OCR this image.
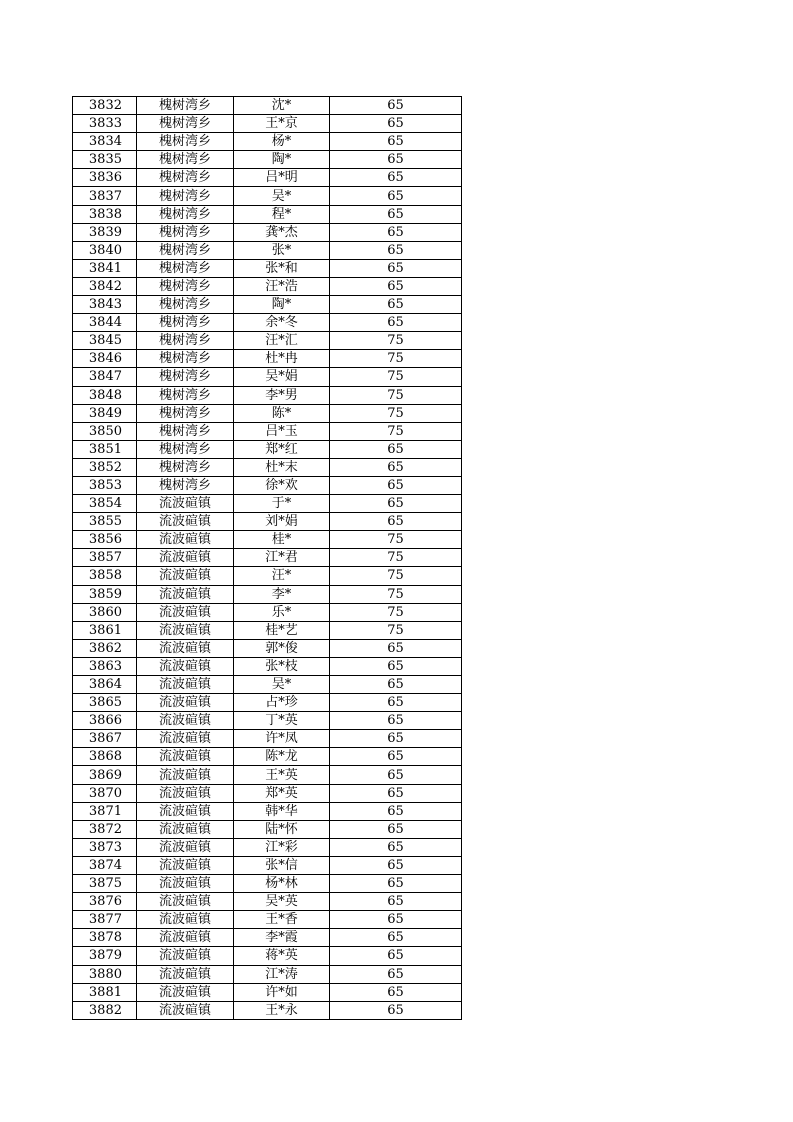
3832	槐树湾乡	沈*	65
3833	槐树湾乡	王*京	65
3834	槐树湾乡	杨*	65
3835	槐树湾乡	陶*	65
3836	槐树湾乡	吕*明	65
3837	槐树湾乡	吴*	65
3838	槐树湾乡	程*	65
3839	槐树湾乡	龚*杰	65
3840	槐树湾乡	张*	65
3841	槐树湾乡	张*和	65
3842	槐树湾乡	汪*浩	65
3843	槐树湾乡	陶*	65
3844	槐树湾乡	余*冬	65
3845	槐树湾乡	汪*汇	75
3846	槐树湾乡	杜*冉	75
3847	槐树湾乡	吴*娟	75
3848	槐树湾乡	李*男	75
3849	槐树湾乡	陈*	75
3850	槐树湾乡	吕*玉	75
3851	槐树湾乡	郑*红	65
3852	槐树湾乡	杜*末	65
3853	槐树湾乡	徐*欢	65
3854	流波碹镇	于*	65
3855	流波碹镇	刘*娟	65
3856	流波碹镇	桂*	75
3857	流波碹镇	江*君	75
3858	流波碹镇	汪*	75
3859	流波碹镇	李*	75
3860	流波碹镇	乐*	75
3861	流波碹镇	桂*艺	75
3862	流波碹镇	郭*俊	65
3863	流波碹镇	张*枝	65
3864	流波碹镇	吴*	65
3865	流波碹镇	占*珍	65
3866	流波碹镇	丁*英	65
3867	流波碹镇	许*凤	65
3868	流波碹镇	陈*龙	65
3869	流波碹镇	王*英	65
3870	流波碹镇	郑*英	65
3871	流波碹镇	韩*华	65
3872	流波碹镇	陆*怀	65
3873	流波碹镇	江*彩	65
3874	流波碹镇	张*信	65
3875	流波碹镇	杨*林	65
3876	流波碹镇	吴*英	65
3877	流波碹镇	王*香	65
3878	流波碹镇	李*霞	65
3879	流波碹镇	蒋*英	65
3880	流波碹镇	江*涛	65
3881	流波碹镇	许*如	65
3882	流波碹镇	王*永	65
